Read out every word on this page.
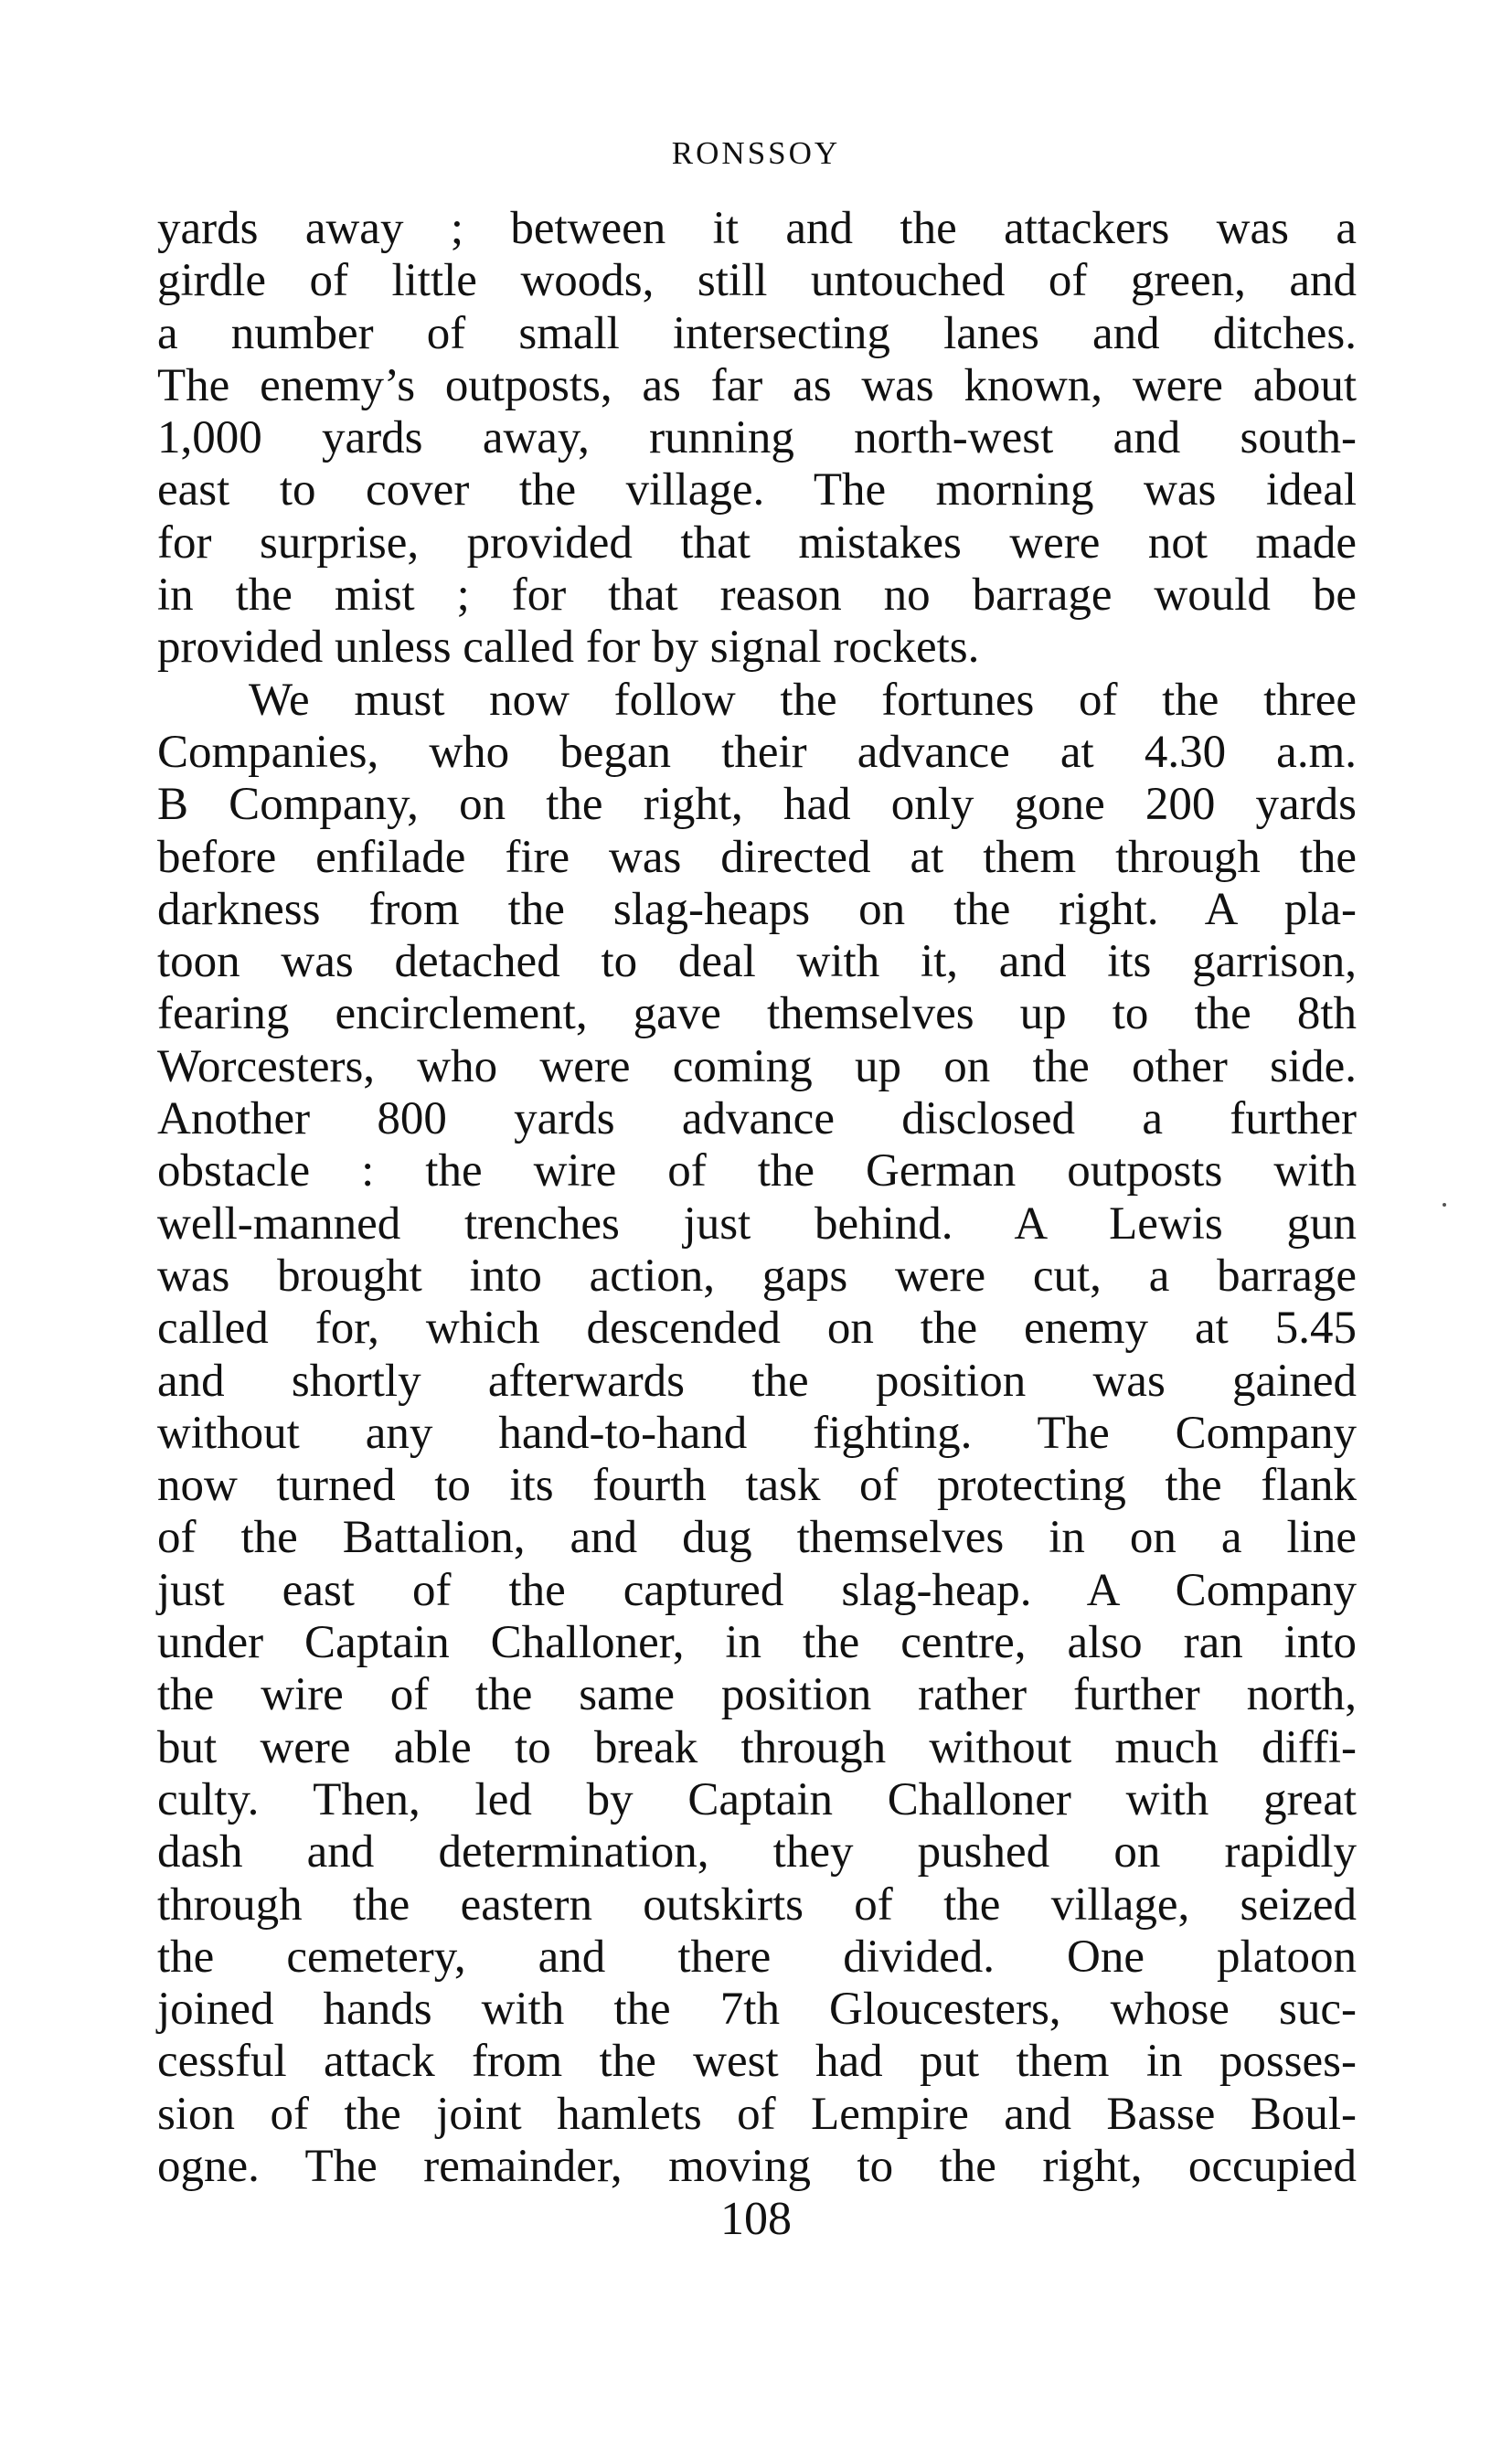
RONSSOY
yards away ; between it and the attackers was a
girdle of little woods, still untouched of green, and
a number of small intersecting lanes and ditches.
The enemy’s outposts, as far as was known, were about
1,000 yards away, running north-west and south-
east to cover the village. The morning was ideal
for surprise, provided that mistakes were not made
in the mist ; for that reason no barrage would be
provided unless called for by signal rockets.
We must now follow the fortunes of the three
Companies, who began their advance at 4.30 a.m.
B Company, on the right, had only gone 200 yards
before enfilade fire was directed at them through the
darkness from the slag-heaps on the right. A pla-
toon was detached to deal with it, and its garrison,
fearing encirclement, gave themselves up to the 8th
Worcesters, who were coming up on the other side.
Another 800 yards advance disclosed a further
obstacle : the wire of the German outposts with
well-manned trenches just behind. A Lewis gun
was brought into action, gaps were cut, a barrage
called for, which descended on the enemy at 5.45
and shortly afterwards the position was gained
without any hand-to-hand fighting. The Company
now turned to its fourth task of protecting the flank
of the Battalion, and dug themselves in on a line
just east of the captured slag-heap. A Company
under Captain Challoner, in the centre, also ran into
the wire of the same position rather further north,
but were able to break through without much diffi-
culty. Then, led by Captain Challoner with great
dash and determination, they pushed on rapidly
through the eastern outskirts of the village, seized
the cemetery, and there divided. One platoon
joined hands with the 7th Gloucesters, whose suc-
cessful attack from the west had put them in posses-
sion of the joint hamlets of Lempire and Basse Boul-
ogne. The remainder, moving to the right, occupied
108
